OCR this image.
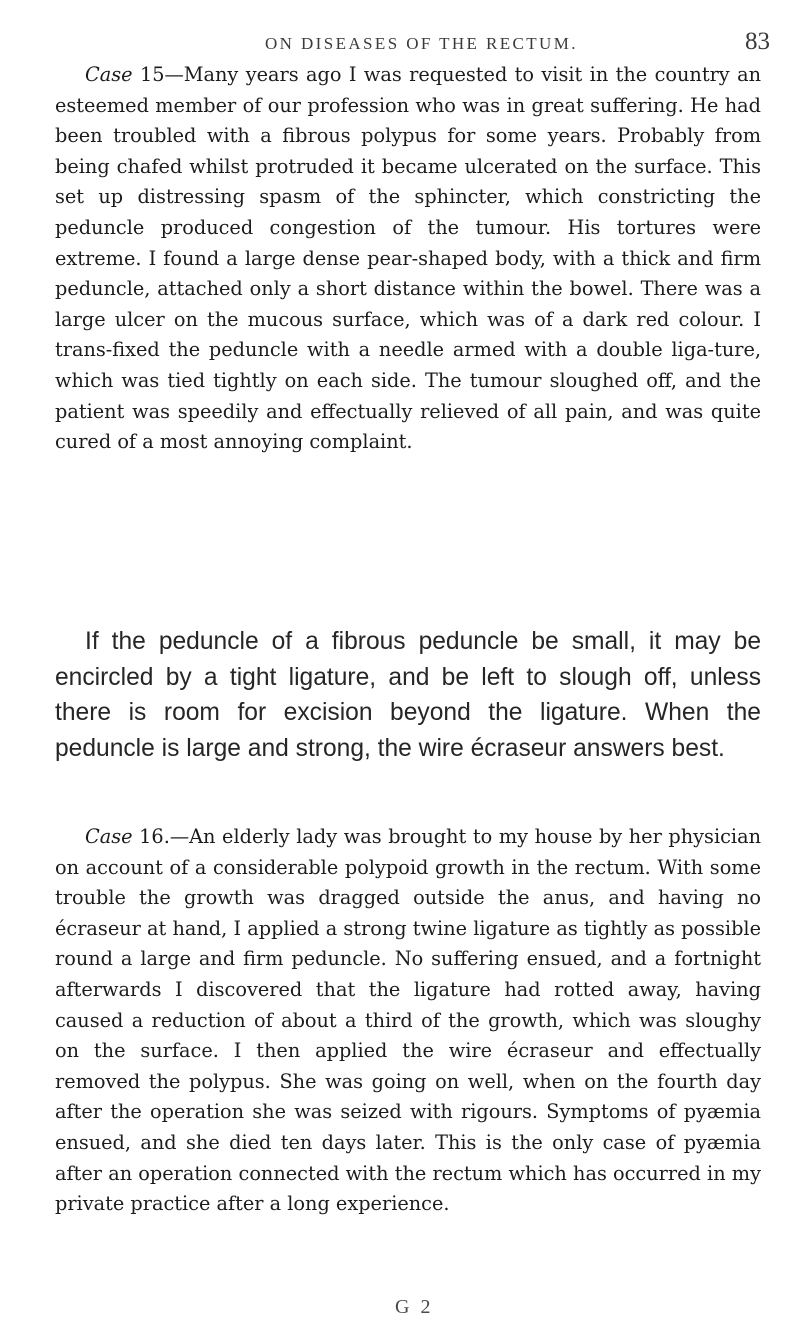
ON DISEASES OF THE RECTUM.	83

Case 15—Many years ago I was requested to visit in the country an esteemed member of our profession who was in great suffering. He had been troubled with a fibrous polypus for some years. Probably from being chafed whilst protruded it became ulcerated on the surface. This set up distressing spasm of the sphincter, which constricting the peduncle produced congestion of the tumour. His tortures were extreme. I found a large dense pear-shaped body, with a thick and firm peduncle, attached only a short distance within the bowel. There was a large ulcer on the mucous surface, which was of a dark red colour. I trans-fixed the peduncle with a needle armed with a double liga-ture, which was tied tightly on each side. The tumour sloughed off, and the patient was speedily and effectually relieved of all pain, and was quite cured of a most annoying complaint.

If the peduncle of a fibrous peduncle be small, it may be encircled by a tight ligature, and be left to slough off, unless there is room for excision beyond the ligature. When the peduncle is large and strong, the wire écraseur answers best.

Case 16.—An elderly lady was brought to my house by her physician on account of a considerable polypoid growth in the rectum. With some trouble the growth was dragged outside the anus, and having no écraseur at hand, I applied a strong twine ligature as tightly as possible round a large and firm peduncle. No suffering ensued, and a fortnight afterwards I discovered that the ligature had rotted away, having caused a reduction of about a third of the growth, which was sloughy on the surface. I then applied the wire écraseur and effectually removed the polypus. She was going on well, when on the fourth day after the operation she was seized with rigours. Symptoms of pyæmia ensued, and she died ten days later. This is the only case of pyæmia after an operation connected with the rectum which has occurred in my private practice after a long experience.

G 2
